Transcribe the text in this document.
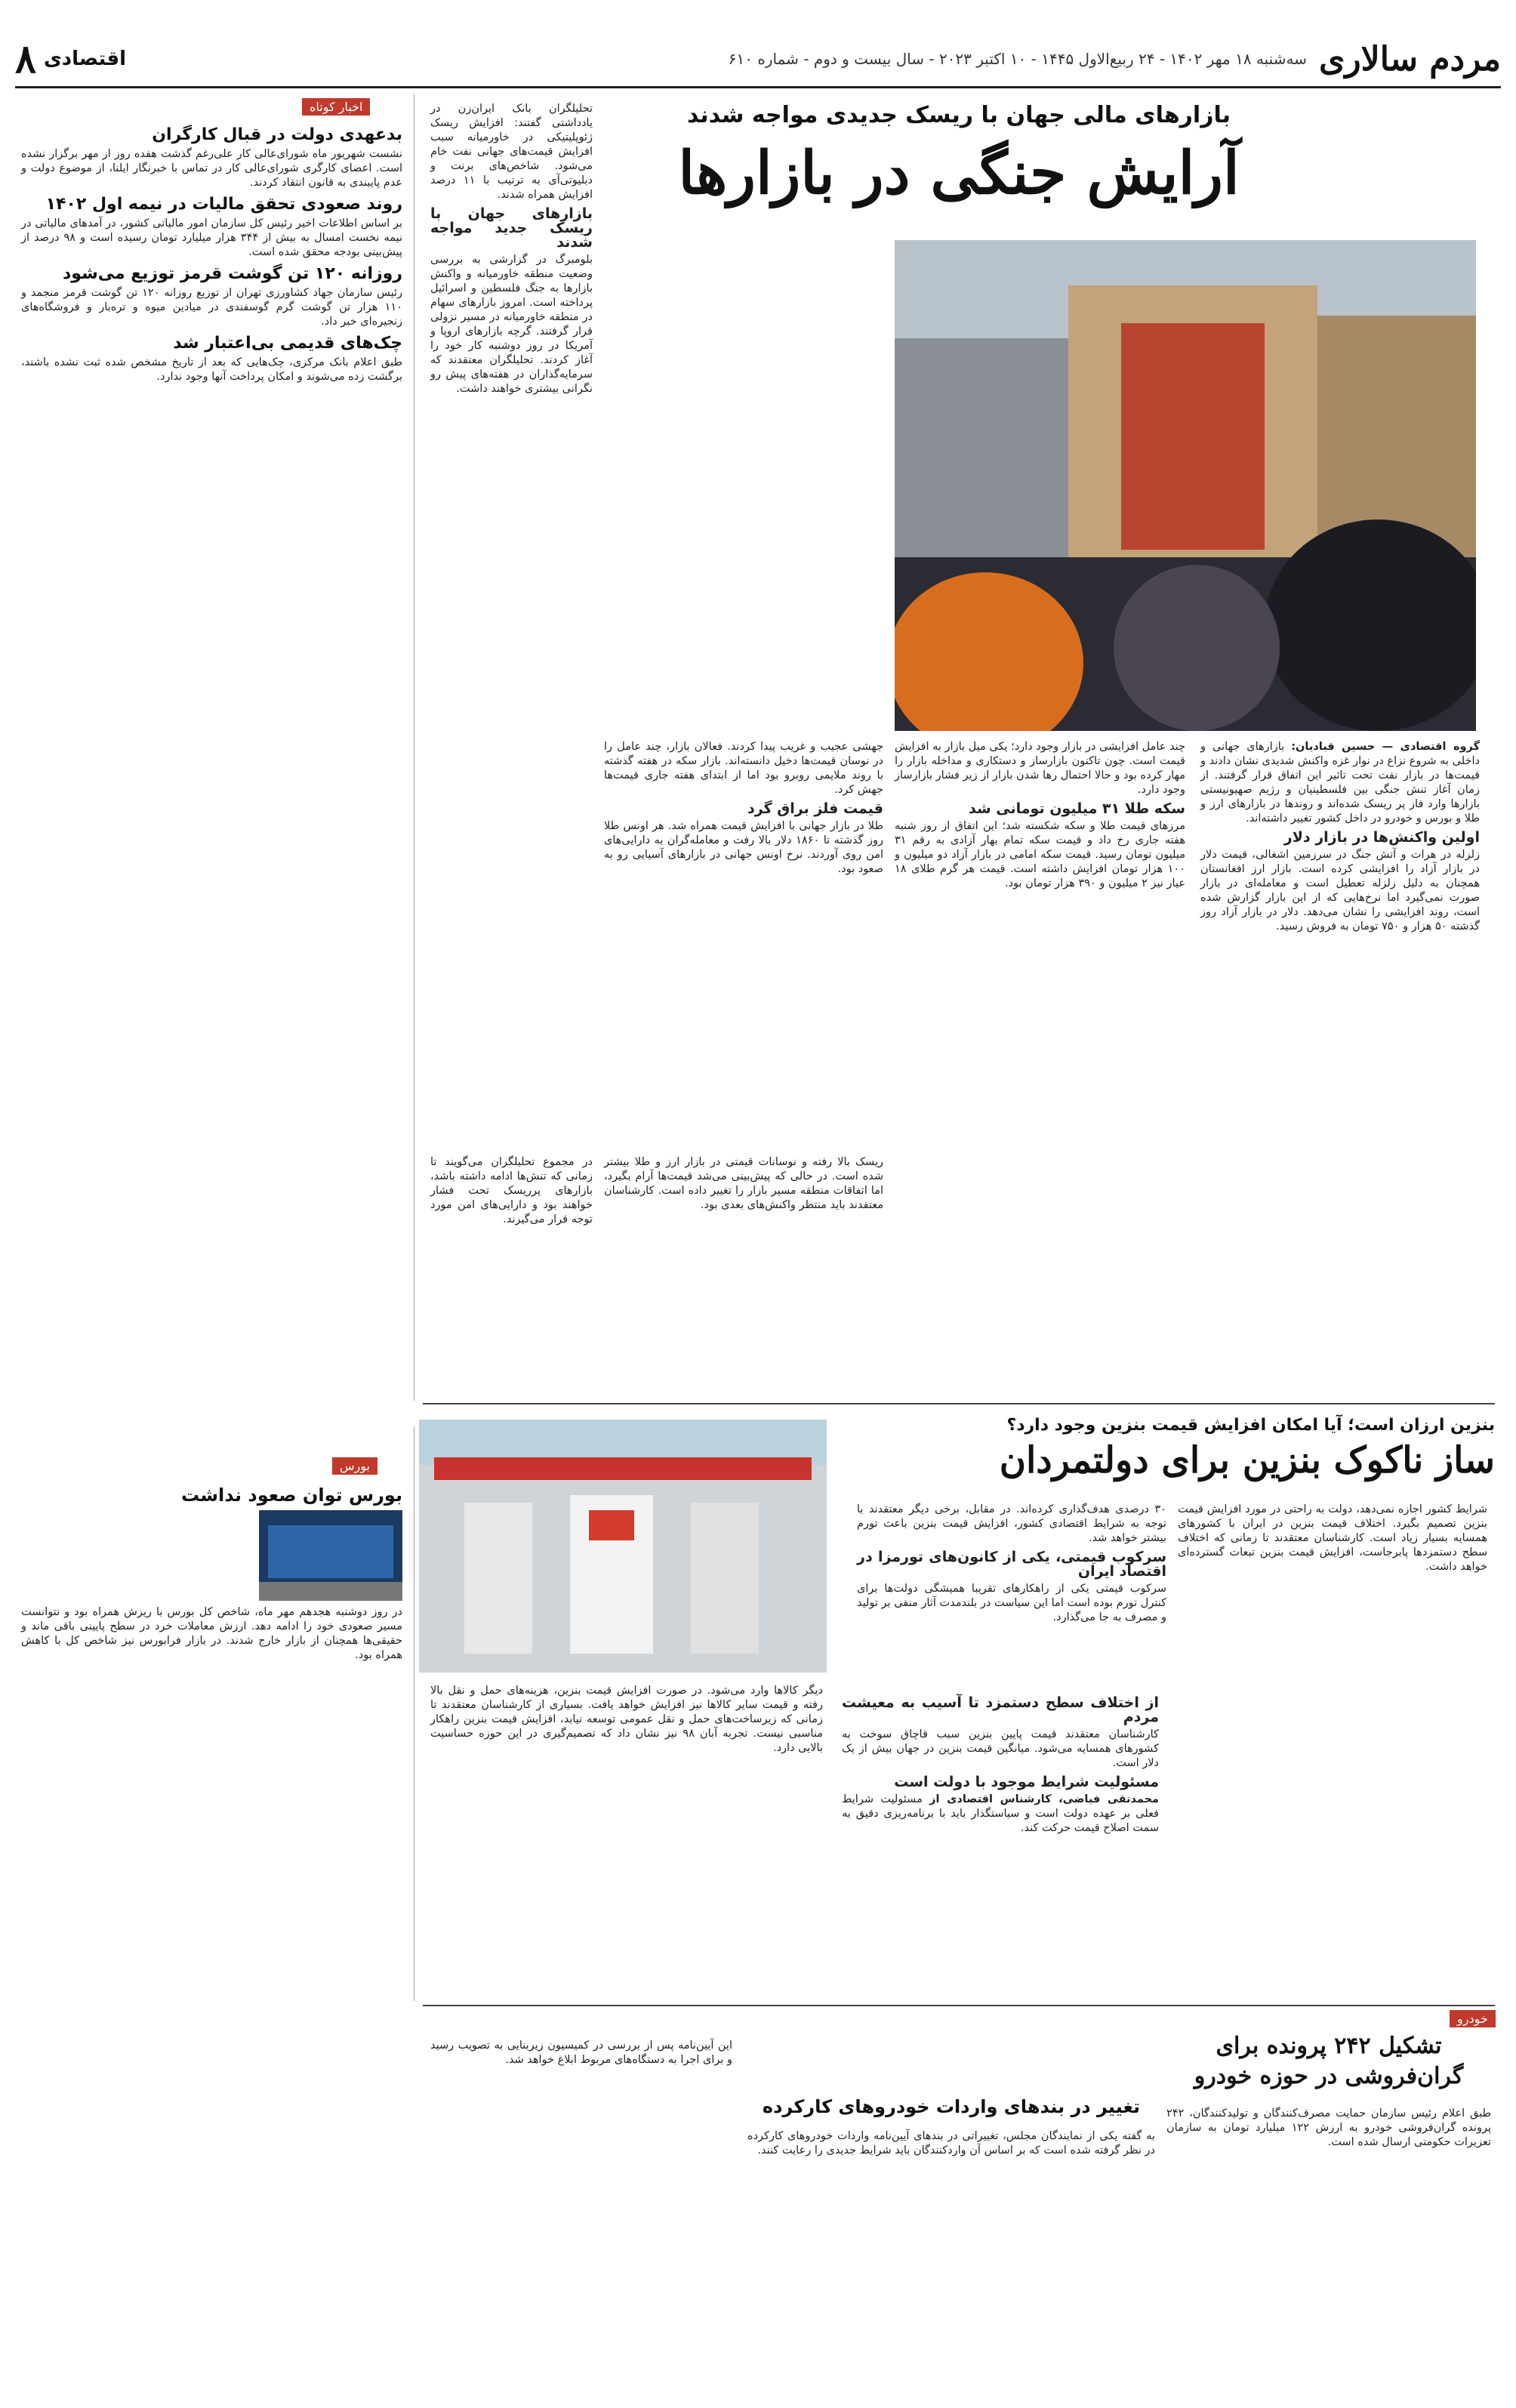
مردم سالاری
سه‌شنبه ۱۸ مهر ۱۴۰۲ - ۲۴ ربیع‌الاول ۱۴۴۵ - ۱۰ اکتبر ۲۰۲۳ - سال بیست و دوم - شماره ۶۱۰
اقتصادی
۸
بازارهای مالی جهان با ریسک جدیدی مواجه شدند
آرایش جنگی در بازارها
گروه اقتصادی — حسین قبادیان: بازارهای جهانی و داخلی به شروع نزاع در نوار غزه واکنش شدیدی نشان دادند و قیمت‌ها در بازار نفت تحت تاثیر این اتفاق قرار گرفتند. از زمان آغاز تنش جنگی بین فلسطینیان و رژیم صهیونیستی بازارها وارد فاز پر ریسک شده‌اند و روندها در بازارهای ارز و طلا و بورس و خودرو در داخل کشور تغییر داشته‌اند.
اولین واکنش‌ها در بازار دلار
زلزله در هرات و آتش جنگ در سرزمین اشغالی، قیمت دلار در بازار آزاد را افزایشی کرده است. بازار ارز افغانستان همچنان به دلیل زلزله تعطیل است و معامله‌ای در بازار صورت نمی‌گیرد اما نرخ‌هایی که از این بازار گزارش شده است، روند افزایشی را نشان می‌دهد. دلار در بازار آزاد روز گذشته ۵۰ هزار و ۷۵۰ تومان به فروش رسید.
چند عامل افزایشی در بازار وجود دارد؛ یکی میل بازار به افزایش قیمت است. چون تاکنون بازارساز و دستکاری و مداخله بازار را مهار کرده بود و حالا احتمال رها شدن بازار از زیر فشار بازارساز وجود دارد.
سکه طلا ۳۱ میلیون تومانی شد
مرزهای قیمت طلا و سکه شکسته شد؛ این اتفاق از روز شنبه هفته جاری رخ داد و قیمت سکه تمام بهار آزادی به رقم ۳۱ میلیون تومان رسید. قیمت سکه امامی در بازار آزاد دو میلیون و ۱۰۰ هزار تومان افزایش داشته است. قیمت هر گرم طلای ۱۸ عیار نیز ۲ میلیون و ۳۹۰ هزار تومان بود.
جهشی عجیب و غریب پیدا کردند. فعالان بازار، چند عامل را در نوسان قیمت‌ها دخیل دانسته‌اند. بازار سکه در هفته گذشته با روند ملایمی روبرو بود اما از ابتدای هفته جاری قیمت‌ها جهش کرد.
قیمت فلز براق گرد
طلا در بازار جهانی با افزایش قیمت همراه شد. هر اونس طلا روز گذشته تا ۱۸۶۰ دلار بالا رفت و معامله‌گران به دارایی‌های امن روی آوردند. نرخ اونس جهانی در بازارهای آسیایی رو به صعود بود.
تحلیلگران بانک ایران‌زن در یادداشتی گفتند: افزایش ریسک ژئوپلیتیکی در خاورمیانه سبب افزایش قیمت‌های جهانی نفت خام می‌شود. شاخص‌های برنت و دبلیوتی‌آی به ترتیب با ۱۱ درصد افزایش همراه شدند.
بازارهای جهان با ریسک جدید مواجه شدند
بلومبرگ در گزارشی به بررسی وضعیت منطقه خاورمیانه و واکنش بازارها به جنگ فلسطین و اسرائیل پرداخته است. امروز بازارهای سهام در منطقه خاورمیانه در مسیر نزولی قرار گرفتند. گرچه بازارهای اروپا و آمریکا در روز دوشنبه کار خود را آغاز کردند. تحلیلگران معتقدند که سرمایه‌گذاران در هفته‌های پیش رو نگرانی بیشتری خواهند داشت.
ریسک بالا رفته و نوسانات قیمتی در بازار ارز و طلا بیشتر شده است. در حالی که پیش‌بینی می‌شد قیمت‌ها آرام بگیرد، اما اتفاقات منطقه مسیر بازار را تغییر داده است. کارشناسان معتقدند باید منتظر واکنش‌های بعدی بود.
در مجموع تحلیلگران می‌گویند تا زمانی که تنش‌ها ادامه داشته باشد، بازارهای پرریسک تحت فشار خواهند بود و دارایی‌های امن مورد توجه قرار می‌گیرند.
بنزین ارزان است؛ آیا امکان افزایش قیمت بنزین وجود دارد؟
ساز ناکوک بنزین برای دولتمردان
شرایط کشور اجازه نمی‌دهد، دولت به راحتی در مورد افزایش قیمت بنزین تصمیم بگیرد. اختلاف قیمت بنزین در ایران با کشورهای همسایه بسیار زیاد است. کارشناسان معتقدند تا زمانی که اختلاف سطح دستمزدها پابرجاست، افزایش قیمت بنزین تبعات گسترده‌ای خواهد داشت.
۳۰ درصدی هدف‌گذاری کرده‌اند. در مقابل، برخی دیگر معتقدند با توجه به شرایط اقتصادی کشور، افزایش قیمت بنزین باعث تورم بیشتر خواهد شد.
سرکوب قیمتی، یکی از کانون‌های تورمزا در اقتصاد ایران
سرکوب قیمتی یکی از راهکارهای تقریبا همیشگی دولت‌ها برای کنترل تورم بوده است اما این سیاست در بلندمدت آثار منفی بر تولید و مصرف به جا می‌گذارد.
از اختلاف سطح دستمزد تا آسیب به معیشت مردم
کارشناسان معتقدند قیمت پایین بنزین سبب قاچاق سوخت به کشورهای همسایه می‌شود. میانگین قیمت بنزین در جهان بیش از یک دلار است.
مسئولیت شرایط موجود با دولت است
محمدتقی فیاضی، کارشناس اقتصادی از مسئولیت شرایط فعلی بر عهده دولت است و سیاستگذار باید با برنامه‌ریزی دقیق به سمت اصلاح قیمت حرکت کند.
دیگر کالاها وارد می‌شود. در صورت افزایش قیمت بنزین، هزینه‌های حمل و نقل بالا رفته و قیمت سایر کالاها نیز افزایش خواهد یافت. بسیاری از کارشناسان معتقدند تا زمانی که زیرساخت‌های حمل و نقل عمومی توسعه نیابد، افزایش قیمت بنزین راهکار مناسبی نیست. تجربه آبان ۹۸ نیز نشان داد که تصمیم‌گیری در این حوزه حساسیت بالایی دارد.
خودرو
تشکیل ۲۴۲ پرونده برای گران‌فروشی در حوزه خودرو
طبق اعلام رئیس سازمان حمایت مصرف‌کنندگان و تولیدکنندگان، ۲۴۲ پرونده گران‌فروشی خودرو به ارزش ۱۲۲ میلیارد تومان به سازمان تعزیرات حکومتی ارسال شده است.
تغییر در بندهای واردات خودروهای کارکرده
به گفته یکی از نمایندگان مجلس، تغییراتی در بندهای آیین‌نامه واردات خودروهای کارکرده در نظر گرفته شده است که بر اساس آن واردکنندگان باید شرایط جدیدی را رعایت کنند.
این آیین‌نامه پس از بررسی در کمیسیون زیربنایی به تصویب رسید و برای اجرا به دستگاه‌های مربوط ابلاغ خواهد شد.
اخبار کوتاه
بدعهدی دولت در قبال کارگران
نشست شهریور ماه شورای‌عالی کار علی‌رغم گذشت هفده روز از مهر برگزار نشده است. اعضای کارگری شورای‌عالی کار در تماس با خبرنگار ایلنا، از موضوع دولت و عدم پایبندی به قانون انتقاد کردند.
روند صعودی تحقق مالیات در نیمه اول ۱۴۰۲
بر اساس اطلاعات اخیر رئیس کل سازمان امور مالیاتی کشور، در آمدهای مالیاتی در نیمه نخست امسال به بیش از ۳۴۴ هزار میلیارد تومان رسیده است و ۹۸ درصد از پیش‌بینی بودجه محقق شده است.
روزانه ۱۲۰ تن گوشت قرمز توزیع می‌شود
رئیس سازمان جهاد کشاورزی تهران از توزیع روزانه ۱۲۰ تن گوشت قرمز منجمد و ۱۱۰ هزار تن گوشت گرم گوسفندی در میادین میوه و تره‌بار و فروشگاه‌های زنجیره‌ای خبر داد.
چک‌های قدیمی بی‌اعتبار شد
طبق اعلام بانک مرکزی، چک‌هایی که بعد از تاریخ مشخص شده ثبت نشده باشند، برگشت زده می‌شوند و امکان پرداخت آنها وجود ندارد.
بورس
بورس توان صعود نداشت
در روز دوشنبه هجدهم مهر ماه، شاخص کل بورس با ریزش همراه بود و نتوانست مسیر صعودی خود را ادامه دهد. ارزش معاملات خرد در سطح پایینی باقی ماند و حقیقی‌ها همچنان از بازار خارج شدند. در بازار فرابورس نیز شاخص کل با کاهش همراه بود.
